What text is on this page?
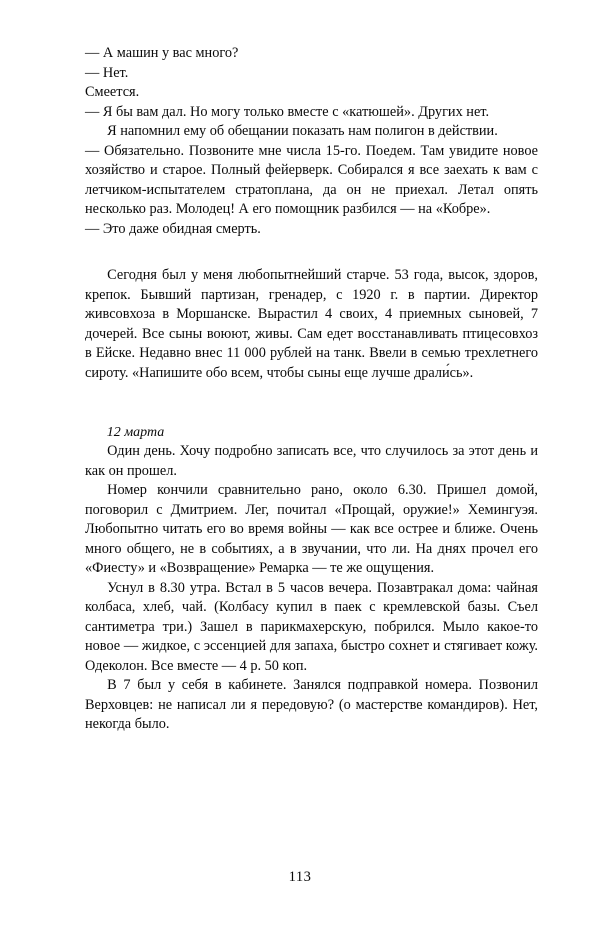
— А машин у вас много?

— Нет.

Смеется.

— Я бы вам дал. Но могу только вместе с «катюшей». Других нет.

Я напомнил ему об обещании показать нам полигон в действии.

— Обязательно. Позвоните мне числа 15-го. Поедем. Там увидите новое хозяйство и старое. Полный фейерверк. Собирался я все заехать к вам с летчиком-испытателем стратоплана, да он не приехал. Летал опять несколько раз. Молодец! А его помощник разбился — на «Кобре».

— Это даже обидная смерть.

Сегодня был у меня любопытнейший старче. 53 года, высок, здоров, крепок. Бывший партизан, гренадер, с 1920 г. в партии. Директор живсовхоза в Моршанске. Вырастил 4 своих, 4 приемных сыновей, 7 дочерей. Все сыны воюют, живы. Сам едет восстанавливать птицесовхоз в Ейске. Недавно внес 11 000 рублей на танк. Ввели в семью трехлетнего сироту. «Напишите обо всем, чтобы сыны еще лучше драли́сь».

12 марта

Один день. Хочу подробно записать все, что случилось за этот день и как он прошел.

Номер кончили сравнительно рано, около 6.30. Пришел домой, поговорил с Дмитрием. Лег, почитал «Прощай, оружие!» Хемингуэя. Любопытно читать его во время войны — как все острее и ближе. Очень много общего, не в событиях, а в звучании, что ли. На днях прочел его «Фиесту» и «Возвращение» Ремарка — те же ощущения.

Уснул в 8.30 утра. Встал в 5 часов вечера. Позавтракал дома: чайная колбаса, хлеб, чай. (Колбасу купил в паек с кремлевской базы. Съел сантиметра три.) Зашел в парикмахерскую, побрился. Мыло какое-то новое — жидкое, с эссенцией для запаха, быстро сохнет и стягивает кожу. Одеколон. Все вместе — 4 р. 50 коп.

В 7 был у себя в кабинете. Занялся подправкой номера. Позвонил Верховцев: не написал ли я передовую? (о мастерстве командиров). Нет, некогда было.

113
